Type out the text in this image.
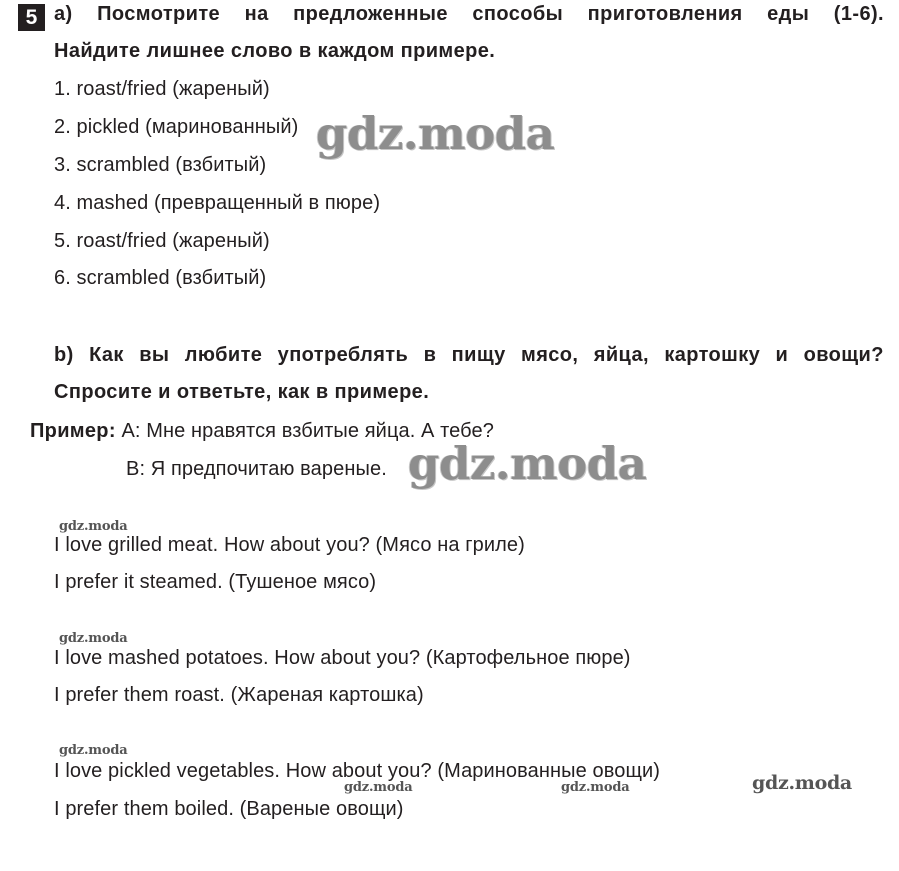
5 a) Посмотрите на предложенные способы приготовления еды (1-6).
Найдите лишнее слово в каждом примере.
1. roast/fried (жареный)
2. pickled (маринованный)
3. scrambled (взбитый)
4. mashed (превращенный в пюре)
5. roast/fried (жареный)
6. scrambled (взбитый)
gdz.moda
b) Как вы любите употреблять в пищу мясо, яйца, картошку и овощи?
Спросите и ответьте, как в примере.
Пример: A: Мне нравятся взбитые яйца. А тебе?
B: Я предпочитаю вареные. gdz.moda
gdz.moda
I love grilled meat. How about you? (Мясо на гриле)
I prefer it steamed. (Тушеное мясо)
gdz.moda
I love mashed potatoes. How about you? (Картофельное пюре)
I prefer them roast. (Жареная картошка)
gdz.moda
I love pickled vegetables. How about you? (Маринованные овощи)
gdz.moda	gdz.moda	gdz.moda
I prefer them boiled. (Вареные овощи)
